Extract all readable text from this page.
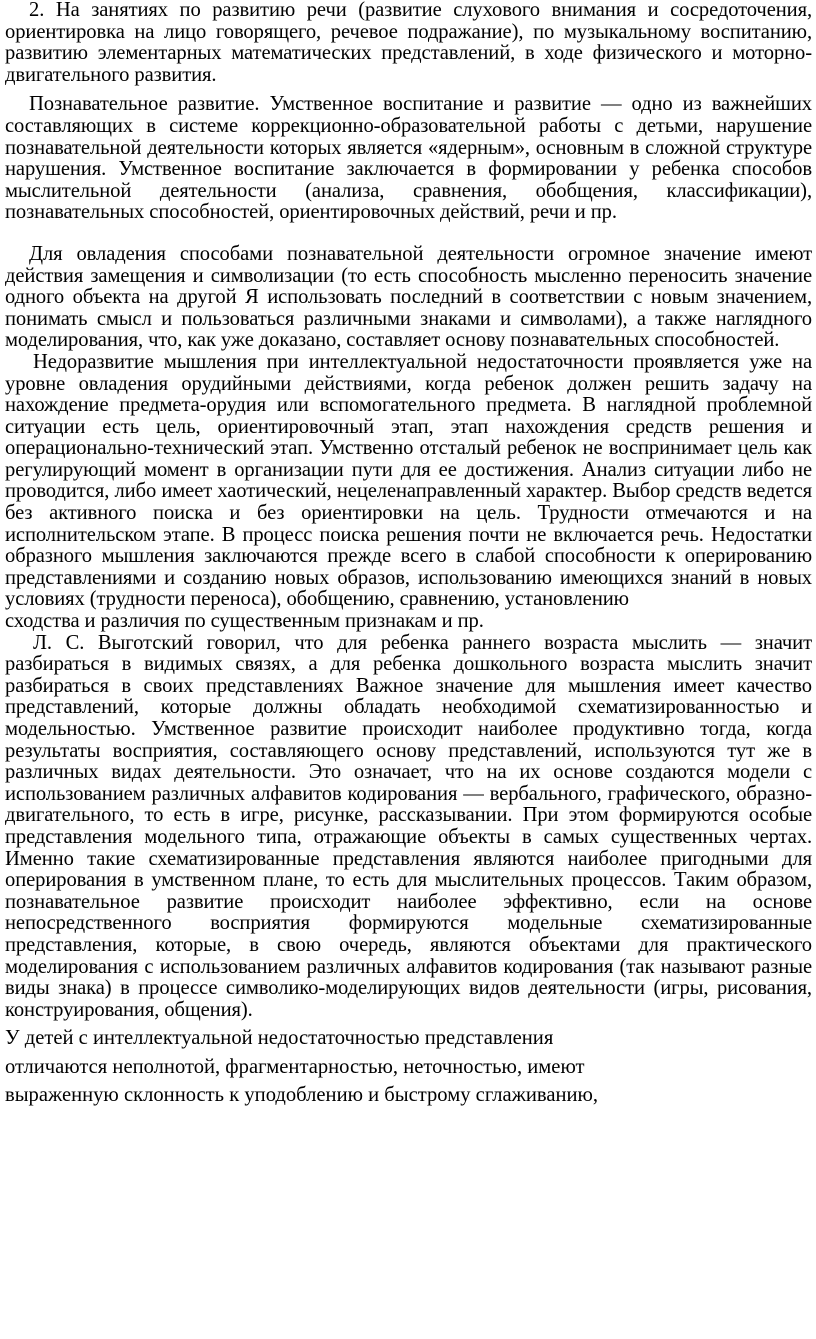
2. На занятиях по развитию речи (развитие слухового внимания и сосредоточения, ориентировка на лицо говорящего, речевое подражание), по музыкальному воспитанию, развитию элементарных математических представлений, в ходе физического и моторно-двигательного развития.

Познавательное развитие. Умственное воспитание и развитие — одно из важнейших составляющих в системе коррекционно-образовательной работы с детьми, нарушение познавательной деятельности которых является «ядерным», основным в сложной структуре нарушения. Умственное воспитание заключается в формировании у ребенка способов мыслительной деятельности (анализа, сравнения, обобщения, классификации), познавательных способностей, ориентировочных действий, речи и пр.

Для овладения способами познавательной деятельности огромное значение имеют действия замещения и символизации (то есть способность мысленно переносить значение одного объекта на другой Я использовать последний в соответствии с новым значением, понимать смысл и пользоваться различными знаками и символами), а также наглядного моделирования, что, как уже доказано, составляет основу познавательных способностей.

Недоразвитие мышления при интеллектуальной недостаточности проявляется уже на уровне овладения орудийными действиями, когда ребенок должен решить задачу на нахождение предмета-орудия или вспомогательного предмета. В наглядной проблемной ситуации есть цель, ориентировочный этап, этап нахождения средств решения и операционально-технический этап. Умственно отсталый ребенок не воспринимает цель как регулирующий момент в организации пути для ее достижения. Анализ ситуации либо не проводится, либо имеет хаотический, нецеленаправленный характер. Выбор средств ведется без активного поиска и без ориентировки на цель. Трудности отмечаются и на исполнительском этапе. В процесс поиска решения почти не включается речь. Недостатки образного мышления заключаются прежде всего в слабой способности к оперированию представлениями и созданию новых образов, использованию имеющихся знаний в новых условиях (трудности переноса), обобщению, сравнению, установлению

сходства и различия по существенным признакам и пр.

Л. С. Выготский говорил, что для ребенка раннего возраста мыслить — значит разбираться в видимых связях, а для ребенка дошкольного возраста мыслить значит разбираться в своих представлениях Важное значение для мышления имеет качество представлений, которые должны обладать необходимой схематизированностью и модельностью. Умственное развитие происходит наиболее продуктивно тогда, когда результаты восприятия, составляющего основу представлений, используются тут же в различных видах деятельности. Это означает, что на их основе создаются модели с использованием различных алфавитов кодирования — вербального, графического, образно-двигательного, то есть в игре, рисунке, рассказывании. При этом формируются особые представления модельного типа, отражающие объекты в самых существенных чертах. Именно такие схематизированные представления являются наиболее пригодными для оперирования в умственном плане, то есть для мыслительных процессов. Таким образом, познавательное развитие происходит наиболее эффективно, если на основе непосредственного восприятия формируются модельные схематизированные представления, которые, в свою очередь, являются объектами для практического моделирования с использованием различных алфавитов кодирования (так называют разные виды знака) в процессе символико-моделирующих видов деятельности (игры, рисования, конструирования, общения).

У детей с интеллектуальной недостаточностью представления
отличаются неполнотой, фрагментарностью, неточностью, имеют
выраженную склонность к уподоблению и быстрому сглаживанию,
